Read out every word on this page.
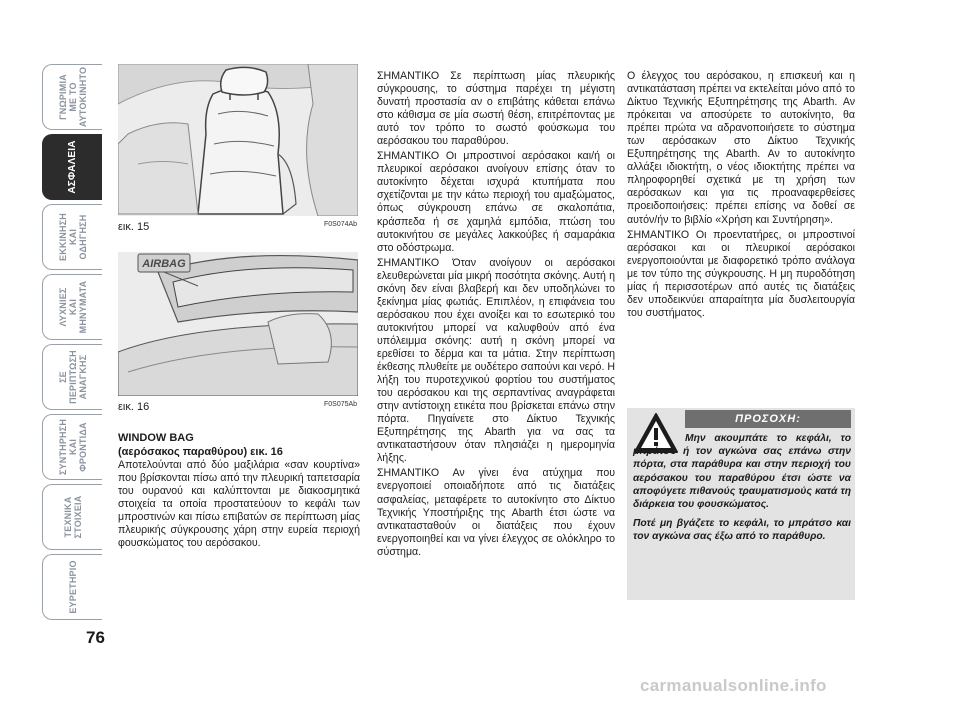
ΓΝΩΡΙΜΙΑ
ΜΕ ΤΟ
ΑΥΤΟΚΙΝΗΤΟ
ΑΣΦΑΛΕΙΑ
ΕΚΚΙΝΗΣΗ
ΚΑΙ
ΟΔΗΓΗΣΗ
ΛΥΧΝΙΕΣ
ΚΑΙ
ΜΗΝΥΜΑΤΑ
ΣΕ
ΠΕΡΙΠΤΩΣΗ
ΑΝΑΓΚΗΣ
ΣΥΝΤΗΡΗΣΗ
ΚΑΙ
ΦΡΟΝΤΙΔΑ
ΤΕΧΝΙΚΑ
ΣΤΟΙΧΕΙΑ
ΕΥΡΕΤΗΡΙΟ
76
εικ. 15	F0S074Ab
AIRBAG
εικ. 16	F0S075Ab
WINDOW BAG
(αερόσακος παραθύρου) εικ. 16

Αποτελούνται από δύο μαξιλάρια «σαν κουρτίνα» που βρίσκονται πίσω από την πλευρική ταπετσαρία του ουρανού και καλύπτονται με διακοσμητικά στοιχεία τα οποία προστατεύουν το κεφάλι των μπροστινών και πίσω επιβατών σε περίπτωση μίας πλευρικής σύγκρουσης χάρη στην ευρεία περιοχή φουσκώματος του αερόσακου.

ΣΗΜΑΝΤΙΚΟ Σε περίπτωση μίας πλευρικής σύγκρουσης, το σύστημα παρέχει τη μέγιστη δυνατή προστασία αν ο επιβάτης κάθεται επάνω στο κάθισμα σε μία σωστή θέση, επιτρέποντας με αυτό τον τρόπο το σωστό φούσκωμα του αερόσακου του παραθύρου.

ΣΗΜΑΝΤΙΚΟ Οι μπροστινοί αερόσακοι και/ή οι πλευρικοί αερόσακοι ανοίγουν επίσης όταν το αυτοκίνητο δέχεται ισχυρά κτυπήματα που σχετίζονται με την κάτω περιοχή του αμαξώματος, όπως σύγκρουση επάνω σε σκαλοπάτια, κράσπεδα ή σε χαμηλά εμπόδια, πτώση του αυτοκινήτου σε μεγάλες λακκούβες ή σαμαράκια στο οδόστρωμα.

ΣΗΜΑΝΤΙΚΟ Όταν ανοίγουν οι αερόσακοι ελευθερώνεται μία μικρή ποσότητα σκόνης. Αυτή η σκόνη δεν είναι βλαβερή και δεν υποδηλώνει το ξεκίνημα μίας φωτιάς. Επιπλέον, η επιφάνεια του αερόσακου που έχει ανοίξει και το εσωτερικό του αυτοκινήτου μπορεί να καλυφθούν από ένα υπόλειμμα σκόνης: αυτή η σκόνη μπορεί να ερεθίσει το δέρμα και τα μάτια. Στην περίπτωση έκθεσης πλυθείτε με ουδέτερο σαπούνι και νερό. Η λήξη του πυροτεχνικού φορτίου του συστήματος του αερόσακου και της σερπαντίνας αναγράφεται στην αντίστοιχη ετικέτα που βρίσκεται επάνω στην πόρτα. Πηγαίνετε στο Δίκτυο Τεχνικής Εξυπηρέτησης της Abarth για να σας τα αντικαταστήσουν όταν πλησιάζει η ημερομηνία λήξης.

ΣΗΜΑΝΤΙΚΟ Αν γίνει ένα ατύχημα που ενεργοποιεί οποιαδήποτε από τις διατάξεις ασφαλείας, μεταφέρετε το αυτοκίνητο στο Δίκτυο Τεχνικής Υποστήριξης της Abarth έτσι ώστε να αντικατασταθούν οι διατάξεις που έχουν ενεργοποιηθεί και να γίνει έλεγχος σε ολόκληρο το σύστημα.

Ο έλεγχος του αερόσακου, η επισκευή και η αντικατάσταση πρέπει να εκτελείται μόνο από το Δίκτυο Τεχνικής Εξυπηρέτησης της Abarth. Αν πρόκειται να αποσύρετε το αυτοκίνητο, θα πρέπει πρώτα να αδρανοποιήσετε το σύστημα των αερόσακων στο Δίκτυο Τεχνικής Εξυπηρέτησης της Abarth. Αν το αυτοκίνητο αλλάξει ιδιοκτήτη, ο νέος ιδιοκτήτης πρέπει να πληροφορηθεί σχετικά με τη χρήση των αερόσακων και για τις προαναφερθείσες προειδοποιήσεις: πρέπει επίσης να δοθεί σε αυτόν/ήν το βιβλίο «Χρήση και Συντήρηση».

ΣΗΜΑΝΤΙΚΟ Οι προεντατήρες, οι μπροστινοί αερόσακοι και οι πλευρικοί αερόσακοι ενεργοποιούνται με διαφορετικό τρόπο ανάλογα με τον τύπο της σύγκρουσης. Η μη πυροδότηση μίας ή περισσοτέρων από αυτές τις διατάξεις δεν υποδεικνύει απαραίτητα μία δυσλειτουργία του συστήματος.

ΠΡΟΣΟΧΗ:

Μην ακουμπάτε το κεφάλι, το μπράτσο ή τον αγκώνα σας επάνω στην πόρτα, στα παράθυρα και στην περιοχή του αερόσακου του παραθύρου έτσι ώστε να αποφύγετε πιθανούς τραυματισμούς κατά τη διάρκεια του φουσκώματος.

Ποτέ μη βγάζετε το κεφάλι, το μπράτσο και τον αγκώνα σας έξω από το παράθυρο.

carmanualsonline.info
